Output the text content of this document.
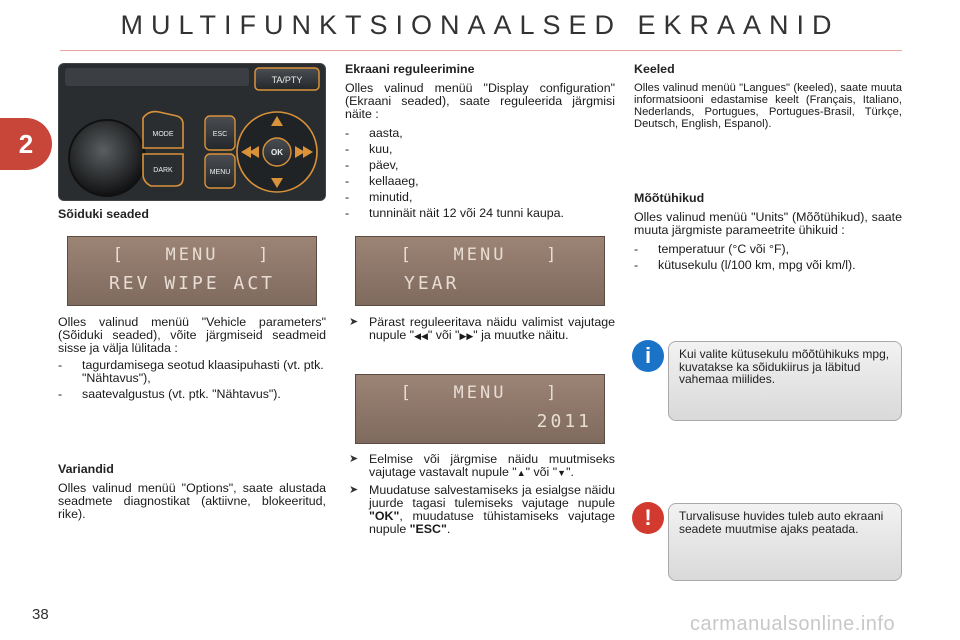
MULTIFUNKTSIONAALSED EKRAANID
2
TA/PTY
MODE
DARK
ESC
MENU
OK
Sõiduki seaded
[   MENU   ]
REV WIPE ACT

Olles valinud menüü "Vehicle parameters" (Sõiduki seaded), võite järgmiseid seadmeid sisse ja välja lülitada :

- tagurdamisega seotud klaasipuhasti (vt. ptk. "Nähtavus"),
- saatevalgustus (vt. ptk. "Nähtavus").
Variandid

Olles valinud menüü "Options", saate alustada seadmete diagnostikat (aktiivne, blokeeritud, rike).

Ekraani reguleerimine

Olles valinud menüü "Display configuration" (Ekraani seaded), saate reguleerida järgmisi näite :

- aasta,
- kuu,
- päev,
- kellaaeg,
- minutid,
- tunninäit näit 12 või 24 tunni kaupa.
[   MENU   ]
YEAR
➤ Pärast reguleeritava näidu valimist vajutage nupule "◀◀" või "▶▶" ja muutke näitu.
[   MENU   ]
2011
➤ Eelmise või järgmise näidu muutmiseks vajutage vastavalt nupule "▲" või "▼".
➤ Muudatuse salvestamiseks ja esialgse näidu juurde tagasi tulemiseks vajutage nupule "OK", muudatuse tühistamiseks vajutage nupule "ESC".
Keeled

Olles valinud menüü "Langues" (keeled), saate muuta informatsiooni edastamise keelt (Français, Italiano, Nederlands, Portugues, Portugues-Brasil, Türkçe, Deutsch, English, Espanol).

Mõõtühikud

Olles valinud menüü "Units" (Mõõtühikud), saate muuta järgmiste parameetrite ühikuid :

- temperatuur (°C või °F),
- kütusekulu (l/100 km, mpg või km/l).
i	Kui valite kütusekulu mõõtühikuks mpg, kuvatakse ka sõidukiirus ja läbitud vahemaa miilides.
!	Turvalisuse huvides tuleb auto ekraani seadete muutmise ajaks peatada.
38	carmanualsonline.info
